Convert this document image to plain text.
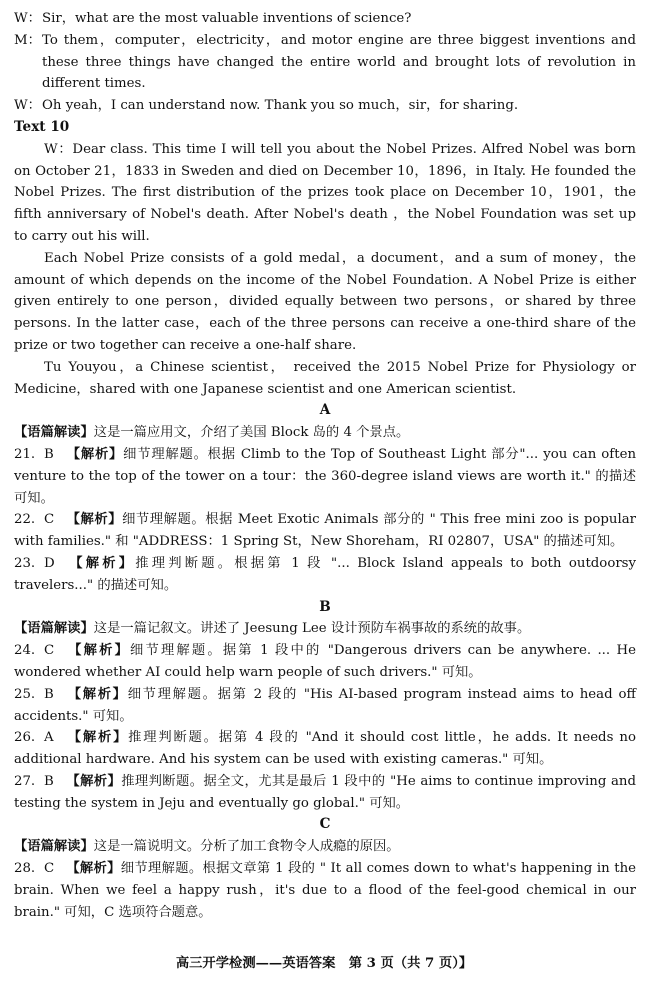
W：Sir，what are the most valuable inventions of science?

M：To them，computer，electricity，and motor engine are three biggest inventions and these three things have changed the entire world and brought lots of revolution in different times.

W：Oh yeah，I can understand now. Thank you so much，sir，for sharing.

Text 10

W：Dear class. This time I will tell you about the Nobel Prizes. Alfred Nobel was born on October 21，1833 in Sweden and died on December 10，1896，in Italy. He founded the Nobel Prizes. The first distribution of the prizes took place on December 10，1901，the fifth anniversary of Nobel's death. After Nobel's death ，the Nobel Foundation was set up to carry out his will.

Each Nobel Prize consists of a gold medal，a document，and a sum of money，the amount of which depends on the income of the Nobel Foundation. A Nobel Prize is either given entirely to one person，divided equally between two persons，or shared by three persons. In the latter case，each of the three persons can receive a one-third share of the prize or two together can receive a one-half share.

Tu Youyou，a Chinese scientist， received the 2015 Nobel Prize for Physiology or Medicine，shared with one Japanese scientist and one American scientist.

A

【语篇解读】这是一篇应用文，介绍了美国 Block 岛的 4 个景点。

21. B 【解析】细节理解题。根据 Climb to the Top of Southeast Light 部分"... you can often venture to the top of the tower on a tour：the 360-degree island views are worth it." 的描述可知。

22. C 【解析】细节理解题。根据 Meet Exotic Animals 部分的 " This free mini zoo is popular with families." 和 "ADDRESS：1 Spring St，New Shoreham，RI 02807，USA" 的描述可知。

23. D 【解析】推理判断题。根据第 1 段 "... Block Island appeals to both outdoorsy travelers..." 的描述可知。

B

【语篇解读】这是一篇记叙文。讲述了 Jeesung Lee 设计预防车祸事故的系统的故事。

24. C 【解析】细节理解题。据第 1 段中的 "Dangerous drivers can be anywhere. ... He wondered whether AI could help warn people of such drivers." 可知。

25. B 【解析】细节理解题。据第 2 段的 "His AI-based program instead aims to head off accidents." 可知。

26. A 【解析】推理判断题。据第 4 段的 "And it should cost little，he adds. It needs no additional hardware. And his system can be used with existing cameras." 可知。

27. B 【解析】推理判断题。据全文，尤其是最后 1 段中的 "He aims to continue improving and testing the system in Jeju and eventually go global." 可知。

C

【语篇解读】这是一篇说明文。分析了加工食物令人成瘾的原因。

28. C 【解析】细节理解题。根据文章第 1 段的 " It all comes down to what's happening in the brain. When we feel a happy rush，it's due to a flood of the feel-good chemical in our brain." 可知，C 选项符合题意。

高三开学检测——英语答案　第 3 页（共 7 页）】
